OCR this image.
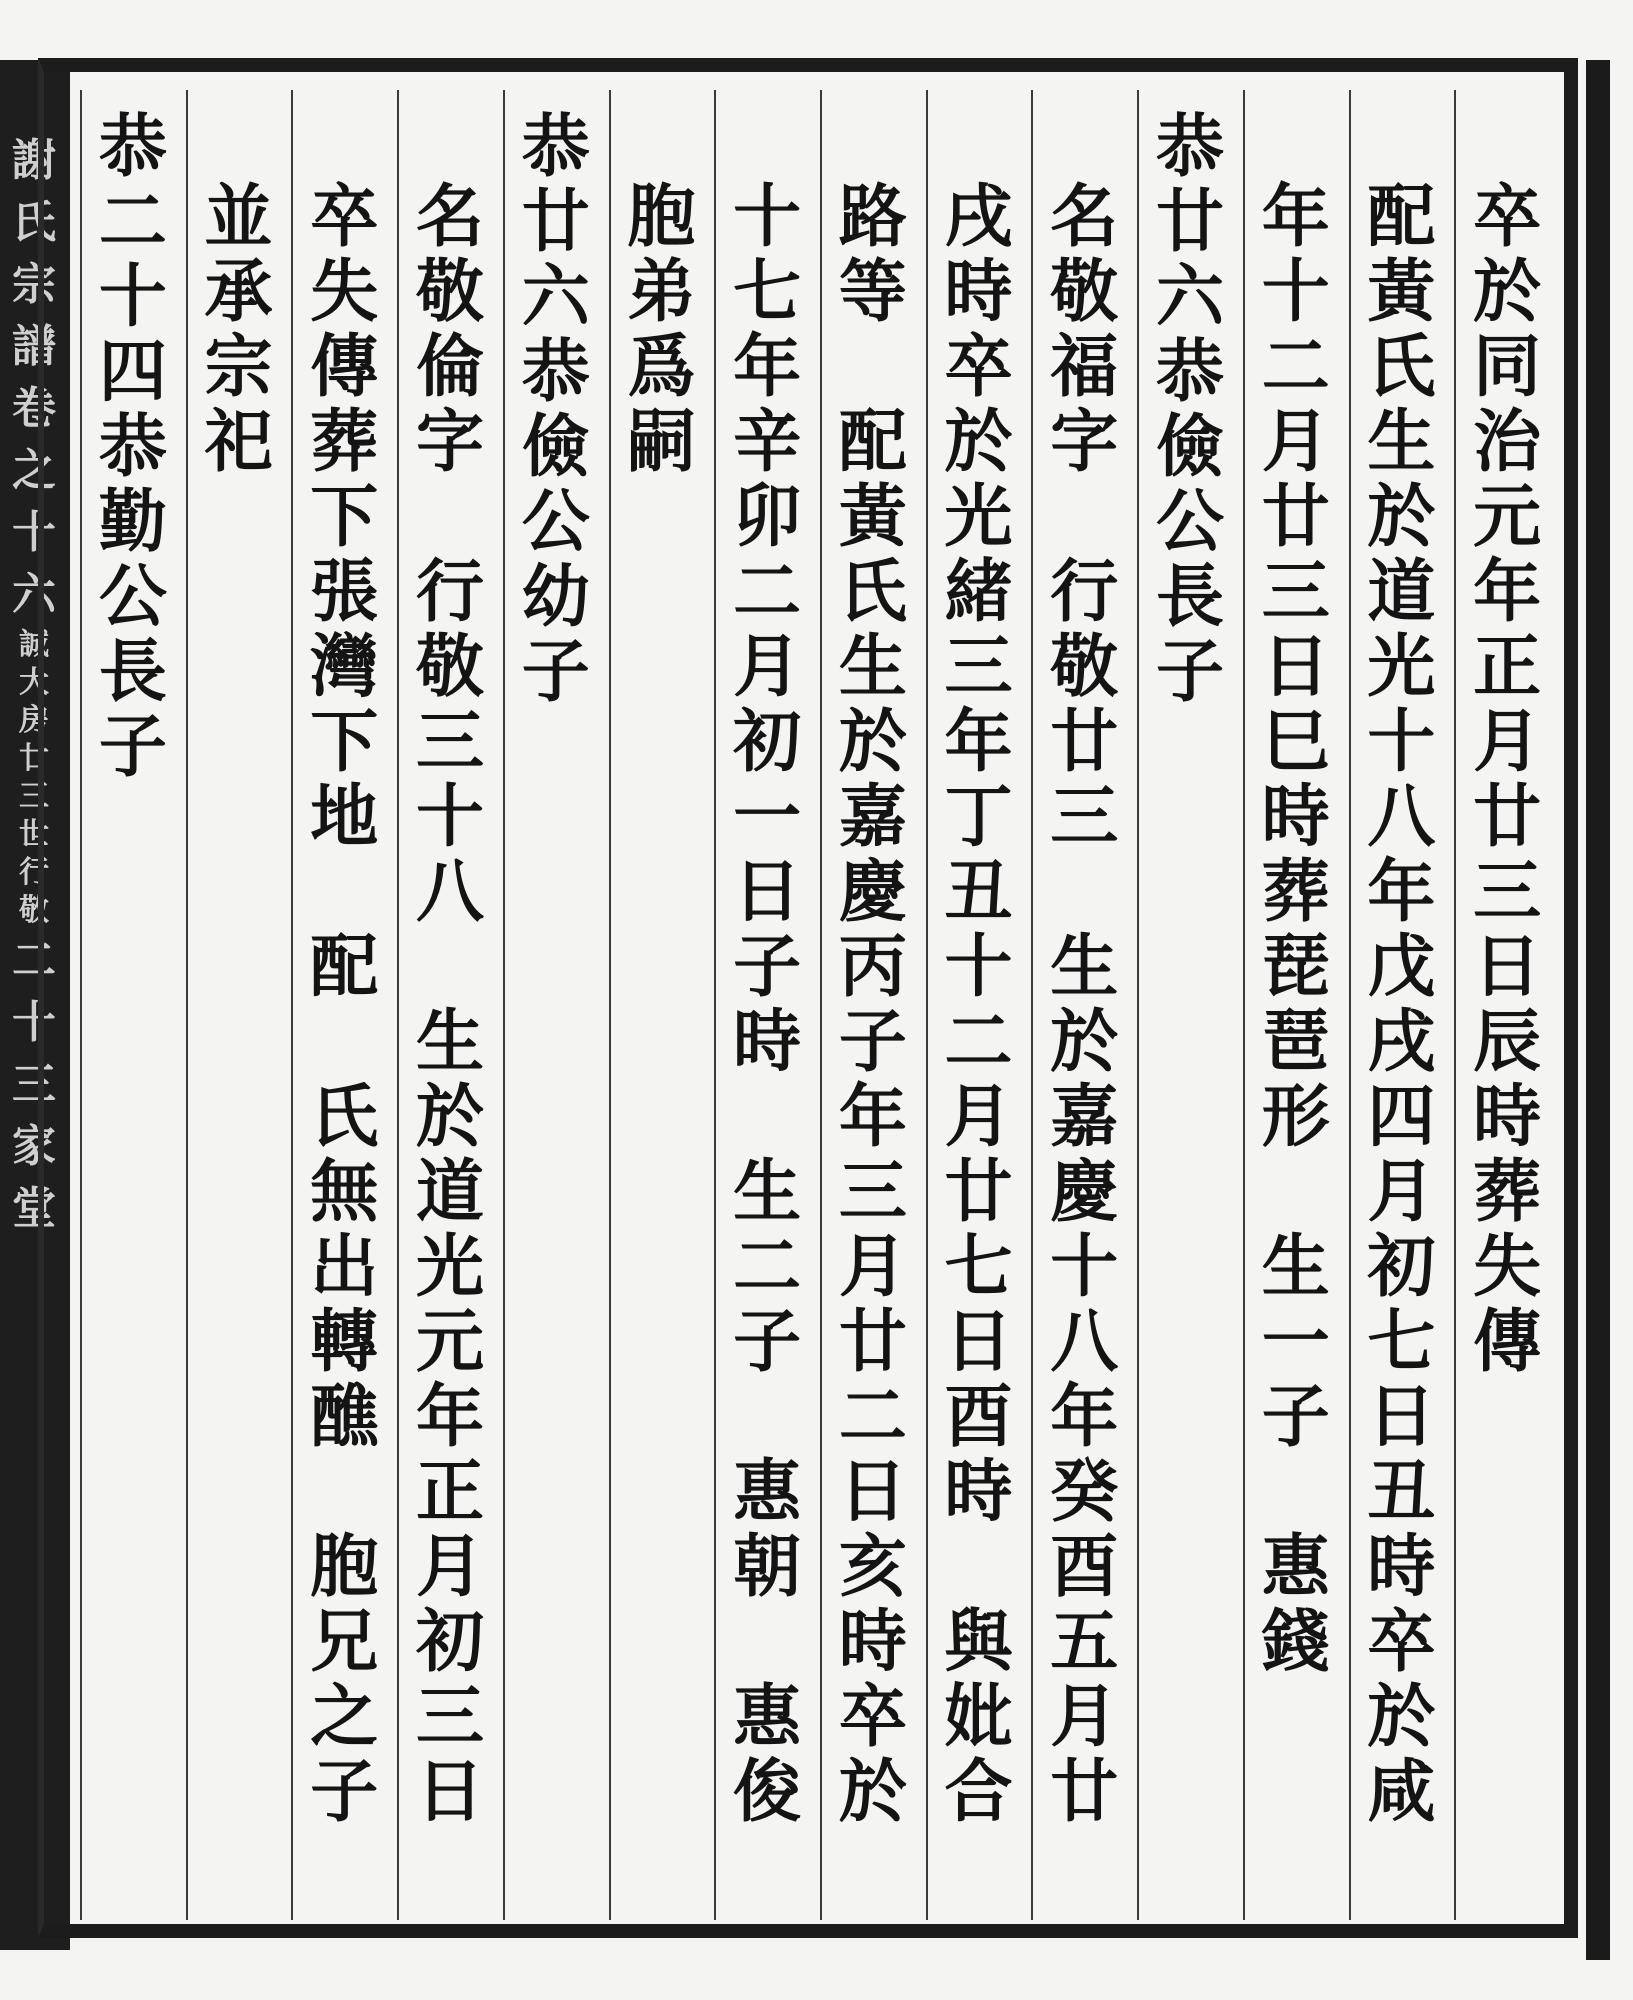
謝氏宗譜
卷之十六
誠大房廿三世行敬
二十
三家堂
卒
於
同
治
元
年
正
月
廿
三
日
辰
時
葬
失
傳
配
黃
氏
生
於
道
光
十
八
年
戊
戌
四
月
初
七
日
丑
時
卒
於
咸
年
十
二
月
廿
三
日
巳
時
葬
琵
琶
形

生
一
子

惠
錢
恭
廿
六
恭
儉
公
長
子
名
敬
福
字

行
敬
廿
三

生
於
嘉
慶
十
八
年
癸
酉
五
月
廿
戌
時
卒
於
光
緒
三
年
丁
丑
十
二
月
廿
七
日
酉
時

與
妣
合
路
等

配
黃
氏
生
於
嘉
慶
丙
子
年
三
月
廿
二
日
亥
時
卒
於
十
七
年
辛
卯
二
月
初
一
日
子
時

生
二
子

惠
朝

惠
俊
胞
弟
爲
嗣
恭
廿
六
恭
儉
公
幼
子
名
敬
倫
字

行
敬
三
十
八

生
於
道
光
元
年
正
月
初
三
日
卒
失
傳
葬
下
張
灣
下
地

配

氏
無
出
轉
醮

胞
兄
之
子
並
承
宗
祀
恭
二
十
四
恭
勤
公
長
子
